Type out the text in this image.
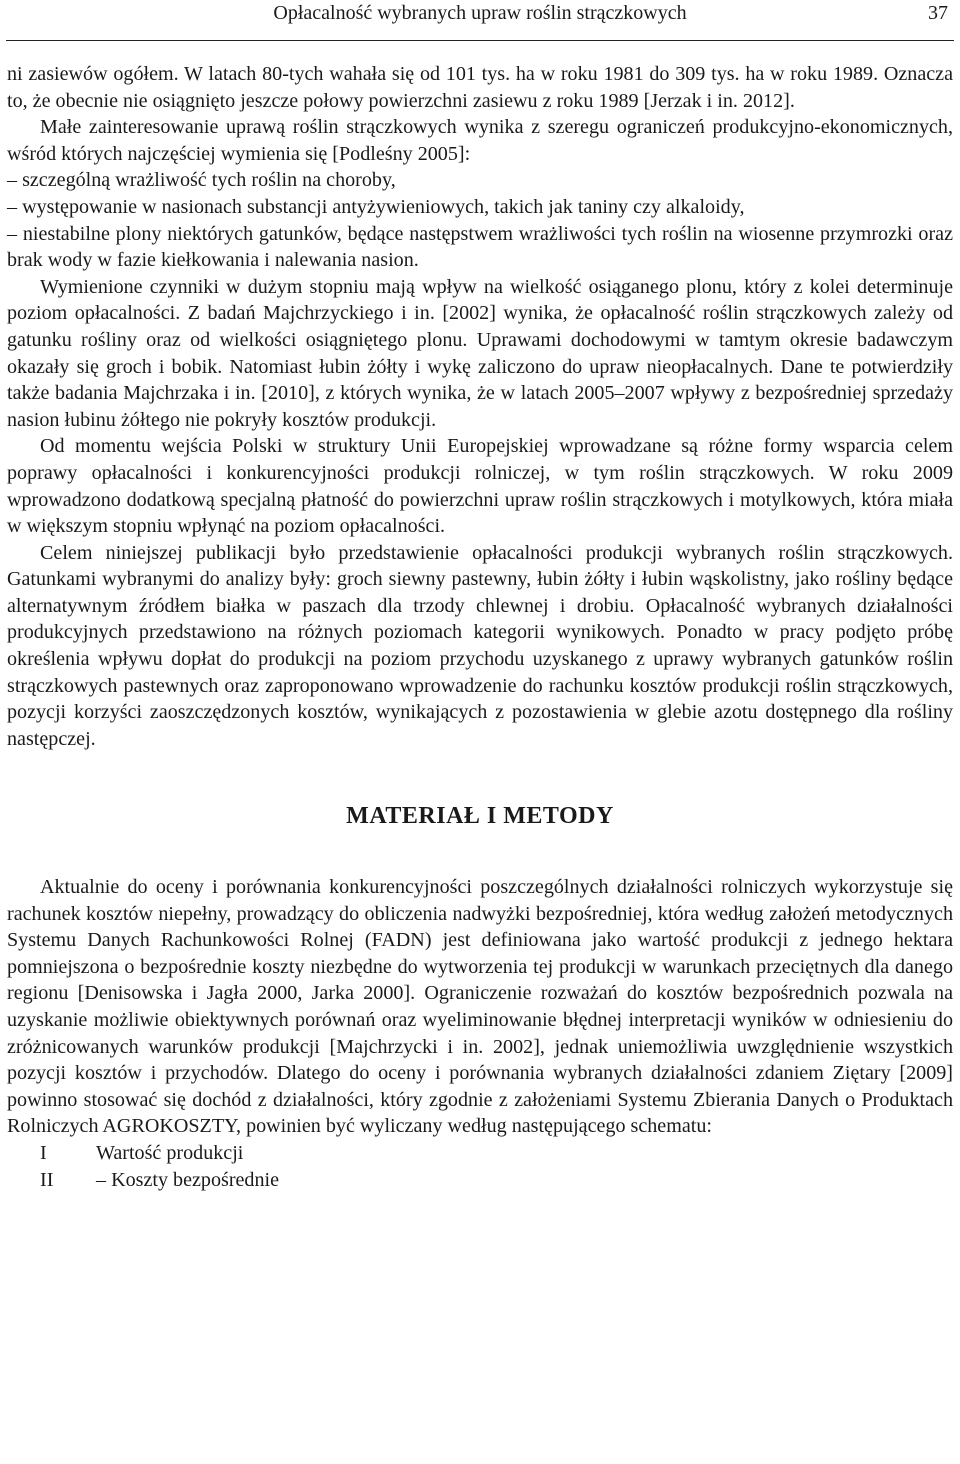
Opłacalność wybranych upraw roślin strączkowych	37

ni zasiewów ogółem. W latach 80-tych wahała się od 101 tys. ha w roku 1981 do 309 tys. ha w roku 1989. Oznacza to, że obecnie nie osiągnięto jeszcze połowy powierzchni zasiewu z roku 1989 [Jerzak i in. 2012].

Małe zainteresowanie uprawą roślin strączkowych wynika z szeregu ograniczeń produkcyjno-ekonomicznych, wśród których najczęściej wymienia się [Podleśny 2005]:

– szczególną wrażliwość tych roślin na choroby,
– występowanie w nasionach substancji antyżywieniowych, takich jak taniny czy alkaloidy,
– niestabilne plony niektórych gatunków, będące następstwem wrażliwości tych roślin na wiosenne przymrozki oraz brak wody w fazie kiełkowania i nalewania nasion.

Wymienione czynniki w dużym stopniu mają wpływ na wielkość osiąganego plonu, który z kolei determinuje poziom opłacalności. Z badań Majchrzyckiego i in. [2002] wynika, że opłacalność roślin strączkowych zależy od gatunku rośliny oraz od wielkości osiągniętego plonu. Uprawami dochodowymi w tamtym okresie badawczym okazały się groch i bobik. Natomiast łubin żółty i wykę zaliczono do upraw nieopłacalnych. Dane te potwierdziły także badania Majchrzaka i in. [2010], z których wynika, że w latach 2005–2007 wpływy z bezpośredniej sprzedaży nasion łubinu żółtego nie pokryły kosztów produkcji.

Od momentu wejścia Polski w struktury Unii Europejskiej wprowadzane są różne formy wsparcia celem poprawy opłacalności i konkurencyjności produkcji rolniczej, w tym roślin strączkowych. W roku 2009 wprowadzono dodatkową specjalną płatność do powierzchni upraw roślin strączkowych i motylkowych, która miała w większym stopniu wpłynąć na poziom opłacalności.

Celem niniejszej publikacji było przedstawienie opłacalności produkcji wybranych roślin strączkowych. Gatunkami wybranymi do analizy były: groch siewny pastewny, łubin żółty i łubin wąskolistny, jako rośliny będące alternatywnym źródłem białka w paszach dla trzody chlewnej i drobiu. Opłacalność wybranych działalności produkcyjnych przedstawiono na różnych poziomach kategorii wynikowych. Ponadto w pracy podjęto próbę określenia wpływu dopłat do produkcji na poziom przychodu uzyskanego z uprawy wybranych gatunków roślin strączkowych pastewnych oraz zaproponowano wprowadzenie do rachunku kosztów produkcji roślin strączkowych, pozycji korzyści zaoszczędzonych kosztów, wynikających z pozostawienia w glebie azotu dostępnego dla rośliny następczej.

MATERIAŁ I METODY

Aktualnie do oceny i porównania konkurencyjności poszczególnych działalności rolniczych wykorzystuje się rachunek kosztów niepełny, prowadzący do obliczenia nadwyżki bezpośredniej, która według założeń metodycznych Systemu Danych Rachunkowości Rolnej (FADN) jest definiowana jako wartość produkcji z jednego hektara pomniejszona o bezpośrednie koszty niezbędne do wytworzenia tej produkcji w warunkach przeciętnych dla danego regionu [Denisowska i Jagła 2000, Jarka 2000]. Ograniczenie rozważań do kosztów bezpośrednich pozwala na uzyskanie możliwie obiektywnych porównań oraz wyeliminowanie błędnej interpretacji wyników w odniesieniu do zróżnicowanych warunków produkcji [Majchrzycki i in. 2002], jednak uniemożliwia uwzględnienie wszystkich pozycji kosztów i przychodów. Dlatego do oceny i porównania wybranych działalności zdaniem Ziętary [2009] powinno stosować się dochód z działalności, który zgodnie z założeniami Systemu Zbierania Danych o Produktach Rolniczych AGROKOSZTY, powinien być wyliczany według następującego schematu:

I	Wartość produkcji
II	– Koszty bezpośrednie
